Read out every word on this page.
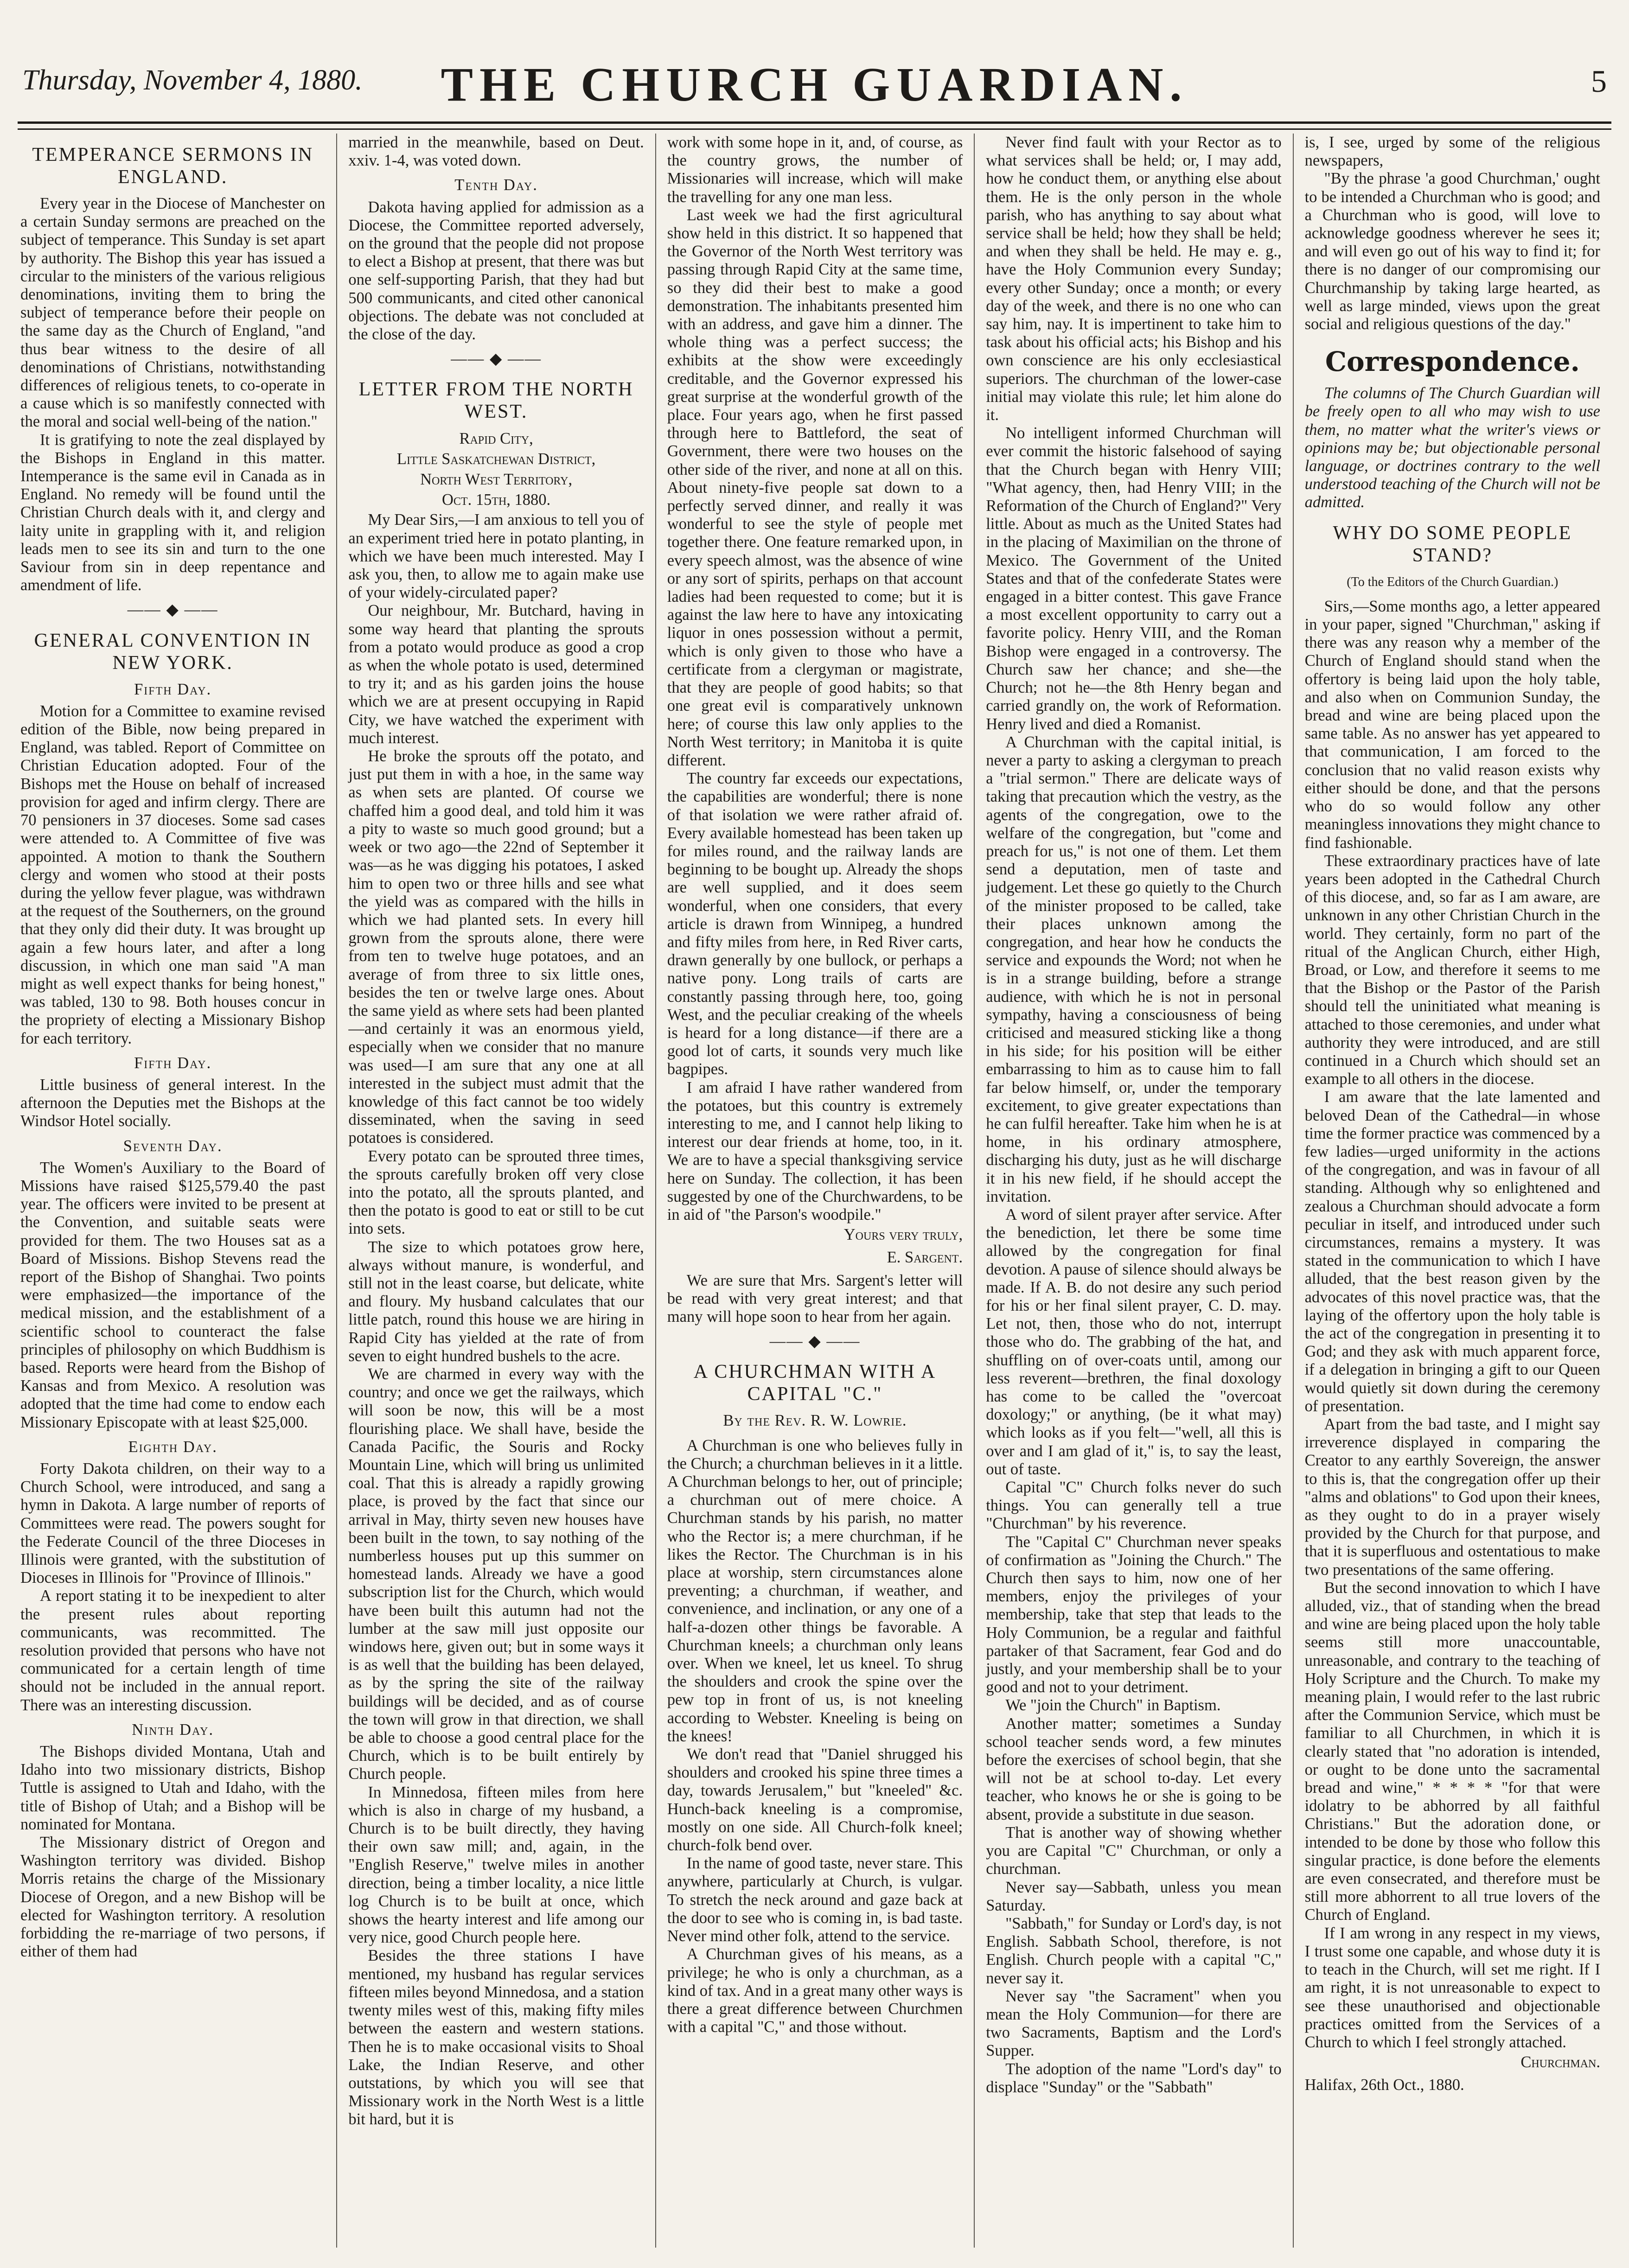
Thursday, November 4, 1880.	THE CHURCH GUARDIAN.	5
TEMPERANCE SERMONS IN ENGLAND.

Every year in the Diocese of Manchester on a certain Sunday sermons are preached on the subject of temperance. This Sunday is set apart by authority. The Bishop this year has issued a circular to the ministers of the various religious denominations, inviting them to bring the subject of temperance before their people on the same day as the Church of England, "and thus bear witness to the desire of all denominations of Christians, notwithstanding differences of religious tenets, to co-operate in a cause which is so manifestly connected with the moral and social well-being of the nation."

It is gratifying to note the zeal displayed by the Bishops in England in this matter. Intemperance is the same evil in Canada as in England. No remedy will be found until the Christian Church deals with it, and clergy and laity unite in grappling with it, and religion leads men to see its sin and turn to the one Saviour from sin in deep repentance and amendment of life.

—— ◆ ——
GENERAL CONVENTION IN NEW YORK.
Fifth Day.

Motion for a Committee to examine revised edition of the Bible, now being prepared in England, was tabled. Report of Committee on Christian Education adopted. Four of the Bishops met the House on behalf of increased provision for aged and infirm clergy. There are 70 pensioners in 37 dioceses. Some sad cases were attended to. A Committee of five was appointed. A motion to thank the Southern clergy and women who stood at their posts during the yellow fever plague, was withdrawn at the request of the Southerners, on the ground that they only did their duty. It was brought up again a few hours later, and after a long discussion, in which one man said "A man might as well expect thanks for being honest," was tabled, 130 to 98. Both houses concur in the propriety of electing a Missionary Bishop for each territory.

Fifth Day.

Little business of general interest. In the afternoon the Deputies met the Bishops at the Windsor Hotel socially.

Seventh Day.

The Women's Auxiliary to the Board of Missions have raised $125,579.40 the past year. The officers were invited to be present at the Convention, and suitable seats were provided for them. The two Houses sat as a Board of Missions. Bishop Stevens read the report of the Bishop of Shanghai. Two points were emphasized—the importance of the medical mission, and the establishment of a scientific school to counteract the false principles of philosophy on which Buddhism is based. Reports were heard from the Bishop of Kansas and from Mexico. A resolution was adopted that the time had come to endow each Missionary Episcopate with at least $25,000.

Eighth Day.

Forty Dakota children, on their way to a Church School, were introduced, and sang a hymn in Dakota. A large number of reports of Committees were read. The powers sought for the Federate Council of the three Dioceses in Illinois were granted, with the substitution of Dioceses in Illinois for "Province of Illinois."

A report stating it to be inexpedient to alter the present rules about reporting communicants, was recommitted. The resolution provided that persons who have not communicated for a certain length of time should not be included in the annual report. There was an interesting discussion.

Ninth Day.

The Bishops divided Montana, Utah and Idaho into two missionary districts, Bishop Tuttle is assigned to Utah and Idaho, with the title of Bishop of Utah; and a Bishop will be nominated for Montana.

The Missionary district of Oregon and Washington territory was divided. Bishop Morris retains the charge of the Missionary Diocese of Oregon, and a new Bishop will be elected for Washington territory. A resolution forbidding the re-marriage of two persons, if either of them had

married in the meanwhile, based on Deut. xxiv. 1-4, was voted down.

Tenth Day.

Dakota having applied for admission as a Diocese, the Committee reported adversely, on the ground that the people did not propose to elect a Bishop at present, that there was but one self-supporting Parish, that they had but 500 communicants, and cited other canonical objections. The debate was not concluded at the close of the day.

—— ◆ ——
LETTER FROM THE NORTH WEST.
Rapid City,
Little Saskatchewan District,
North West Territory,
Oct. 15th, 1880.

My Dear Sirs,—I am anxious to tell you of an experiment tried here in potato planting, in which we have been much interested. May I ask you, then, to allow me to again make use of your widely-circulated paper?

Our neighbour, Mr. Butchard, having in some way heard that planting the sprouts from a potato would produce as good a crop as when the whole potato is used, determined to try it; and as his garden joins the house which we are at present occupying in Rapid City, we have watched the experiment with much interest.

He broke the sprouts off the potato, and just put them in with a hoe, in the same way as when sets are planted. Of course we chaffed him a good deal, and told him it was a pity to waste so much good ground; but a week or two ago—the 22nd of September it was—as he was digging his potatoes, I asked him to open two or three hills and see what the yield was as compared with the hills in which we had planted sets. In every hill grown from the sprouts alone, there were from ten to twelve huge potatoes, and an average of from three to six little ones, besides the ten or twelve large ones. About the same yield as where sets had been planted—and certainly it was an enormous yield, especially when we consider that no manure was used—I am sure that any one at all interested in the subject must admit that the knowledge of this fact cannot be too widely disseminated, when the saving in seed potatoes is considered.

Every potato can be sprouted three times, the sprouts carefully broken off very close into the potato, all the sprouts planted, and then the potato is good to eat or still to be cut into sets.

The size to which potatoes grow here, always without manure, is wonderful, and still not in the least coarse, but delicate, white and floury. My husband calculates that our little patch, round this house we are hiring in Rapid City has yielded at the rate of from seven to eight hundred bushels to the acre.

We are charmed in every way with the country; and once we get the railways, which will soon be now, this will be a most flourishing place. We shall have, beside the Canada Pacific, the Souris and Rocky Mountain Line, which will bring us unlimited coal. That this is already a rapidly growing place, is proved by the fact that since our arrival in May, thirty seven new houses have been built in the town, to say nothing of the numberless houses put up this summer on homestead lands. Already we have a good subscription list for the Church, which would have been built this autumn had not the lumber at the saw mill just opposite our windows here, given out; but in some ways it is as well that the building has been delayed, as by the spring the site of the railway buildings will be decided, and as of course the town will grow in that direction, we shall be able to choose a good central place for the Church, which is to be built entirely by Church people.

In Minnedosa, fifteen miles from here which is also in charge of my husband, a Church is to be built directly, they having their own saw mill; and, again, in the "English Reserve," twelve miles in another direction, being a timber locality, a nice little log Church is to be built at once, which shows the hearty interest and life among our very nice, good Church people here.

Besides the three stations I have mentioned, my husband has regular services fifteen miles beyond Minnedosa, and a station twenty miles west of this, making fifty miles between the eastern and western stations. Then he is to make occasional visits to Shoal Lake, the Indian Reserve, and other outstations, by which you will see that Missionary work in the North West is a little bit hard, but it is

work with some hope in it, and, of course, as the country grows, the number of Missionaries will increase, which will make the travelling for any one man less.

Last week we had the first agricultural show held in this district. It so happened that the Governor of the North West territory was passing through Rapid City at the same time, so they did their best to make a good demonstration. The inhabitants presented him with an address, and gave him a dinner. The whole thing was a perfect success; the exhibits at the show were exceedingly creditable, and the Governor expressed his great surprise at the wonderful growth of the place. Four years ago, when he first passed through here to Battleford, the seat of Government, there were two houses on the other side of the river, and none at all on this. About ninety-five people sat down to a perfectly served dinner, and really it was wonderful to see the style of people met together there. One feature remarked upon, in every speech almost, was the absence of wine or any sort of spirits, perhaps on that account ladies had been requested to come; but it is against the law here to have any intoxicating liquor in ones possession without a permit, which is only given to those who have a certificate from a clergyman or magistrate, that they are people of good habits; so that one great evil is comparatively unknown here; of course this law only applies to the North West territory; in Manitoba it is quite different.

The country far exceeds our expectations, the capabilities are wonderful; there is none of that isolation we were rather afraid of. Every available homestead has been taken up for miles round, and the railway lands are beginning to be bought up. Already the shops are well supplied, and it does seem wonderful, when one considers, that every article is drawn from Winnipeg, a hundred and fifty miles from here, in Red River carts, drawn generally by one bullock, or perhaps a native pony. Long trails of carts are constantly passing through here, too, going West, and the peculiar creaking of the wheels is heard for a long distance—if there are a good lot of carts, it sounds very much like bagpipes.

I am afraid I have rather wandered from the potatoes, but this country is extremely interesting to me, and I cannot help liking to interest our dear friends at home, too, in it. We are to have a special thanksgiving service here on Sunday. The collection, it has been suggested by one of the Churchwardens, to be in aid of "the Parson's woodpile."

Yours very truly,
E. Sargent.

We are sure that Mrs. Sargent's letter will be read with very great interest; and that many will hope soon to hear from her again.

—— ◆ ——
A CHURCHMAN WITH A CAPITAL "C."
By the Rev. R. W. Lowrie.

A Churchman is one who believes fully in the Church; a churchman believes in it a little. A Churchman belongs to her, out of principle; a churchman out of mere choice. A Churchman stands by his parish, no matter who the Rector is; a mere churchman, if he likes the Rector. The Churchman is in his place at worship, stern circumstances alone preventing; a churchman, if weather, and convenience, and inclination, or any one of a half-a-dozen other things be favorable. A Churchman kneels; a churchman only leans over. When we kneel, let us kneel. To shrug the shoulders and crook the spine over the pew top in front of us, is not kneeling according to Webster. Kneeling is being on the knees!

We don't read that "Daniel shrugged his shoulders and crooked his spine three times a day, towards Jerusalem," but "kneeled" &c. Hunch-back kneeling is a compromise, mostly on one side. All Church-folk kneel; church-folk bend over.

In the name of good taste, never stare. This anywhere, particularly at Church, is vulgar. To stretch the neck around and gaze back at the door to see who is coming in, is bad taste. Never mind other folk, attend to the service.

A Churchman gives of his means, as a privilege; he who is only a churchman, as a kind of tax. And in a great many other ways is there a great difference between Churchmen with a capital "C," and those without.

Never find fault with your Rector as to what services shall be held; or, I may add, how he conduct them, or anything else about them. He is the only person in the whole parish, who has anything to say about what service shall be held; how they shall be held; and when they shall be held. He may e. g., have the Holy Communion every Sunday; every other Sunday; once a month; or every day of the week, and there is no one who can say him, nay. It is impertinent to take him to task about his official acts; his Bishop and his own conscience are his only ecclesiastical superiors. The churchman of the lower-case initial may violate this rule; let him alone do it.

No intelligent informed Churchman will ever commit the historic falsehood of saying that the Church began with Henry VIII; "What agency, then, had Henry VIII; in the Reformation of the Church of England?" Very little. About as much as the United States had in the placing of Maximilian on the throne of Mexico. The Government of the United States and that of the confederate States were engaged in a bitter contest. This gave France a most excellent opportunity to carry out a favorite policy. Henry VIII, and the Roman Bishop were engaged in a controversy. The Church saw her chance; and she—the Church; not he—the 8th Henry began and carried grandly on, the work of Reformation. Henry lived and died a Romanist.

A Churchman with the capital initial, is never a party to asking a clergyman to preach a "trial sermon." There are delicate ways of taking that precaution which the vestry, as the agents of the congregation, owe to the welfare of the congregation, but "come and preach for us," is not one of them. Let them send a deputation, men of taste and judgement. Let these go quietly to the Church of the minister proposed to be called, take their places unknown among the congregation, and hear how he conducts the service and expounds the Word; not when he is in a strange building, before a strange audience, with which he is not in personal sympathy, having a consciousness of being criticised and measured sticking like a thong in his side; for his position will be either embarrassing to him as to cause him to fall far below himself, or, under the temporary excitement, to give greater expectations than he can fulfil hereafter. Take him when he is at home, in his ordinary atmosphere, discharging his duty, just as he will discharge it in his new field, if he should accept the invitation.

A word of silent prayer after service. After the benediction, let there be some time allowed by the congregation for final devotion. A pause of silence should always be made. If A. B. do not desire any such period for his or her final silent prayer, C. D. may. Let not, then, those who do not, interrupt those who do. The grabbing of the hat, and shuffling on of over-coats until, among our less reverent—brethren, the final doxology has come to be called the "overcoat doxology;" or anything, (be it what may) which looks as if you felt—"well, all this is over and I am glad of it," is, to say the least, out of taste.

Capital "C" Church folks never do such things. You can generally tell a true "Churchman" by his reverence.

The "Capital C" Churchman never speaks of confirmation as "Joining the Church." The Church then says to him, now one of her members, enjoy the privileges of your membership, take that step that leads to the Holy Communion, be a regular and faithful partaker of that Sacrament, fear God and do justly, and your membership shall be to your good and not to your detriment.

We "join the Church" in Baptism.

Another matter; sometimes a Sunday school teacher sends word, a few minutes before the exercises of school begin, that she will not be at school to-day. Let every teacher, who knows he or she is going to be absent, provide a substitute in due season.

That is another way of showing whether you are Capital "C" Churchman, or only a churchman.

Never say—Sabbath, unless you mean Saturday.

"Sabbath," for Sunday or Lord's day, is not English. Sabbath School, therefore, is not English. Church people with a capital "C," never say it.

Never say "the Sacrament" when you mean the Holy Communion—for there are two Sacraments, Baptism and the Lord's Supper.

The adoption of the name "Lord's day" to displace "Sunday" or the "Sabbath"

is, I see, urged by some of the religious newspapers,

"By the phrase 'a good Churchman,' ought to be intended a Churchman who is good; and a Churchman who is good, will love to acknowledge goodness wherever he sees it; and will even go out of his way to find it; for there is no danger of our compromising our Churchmanship by taking large hearted, as well as large minded, views upon the great social and religious questions of the day."

Correspondence.

The columns of The Church Guardian will be freely open to all who may wish to use them, no matter what the writer's views or opinions may be; but objectionable personal language, or doctrines contrary to the well understood teaching of the Church will not be admitted.

WHY DO SOME PEOPLE STAND?
(To the Editors of the Church Guardian.)

Sirs,—Some months ago, a letter appeared in your paper, signed "Churchman," asking if there was any reason why a member of the Church of England should stand when the offertory is being laid upon the holy table, and also when on Communion Sunday, the bread and wine are being placed upon the same table. As no answer has yet appeared to that communication, I am forced to the conclusion that no valid reason exists why either should be done, and that the persons who do so would follow any other meaningless innovations they might chance to find fashionable.

These extraordinary practices have of late years been adopted in the Cathedral Church of this diocese, and, so far as I am aware, are unknown in any other Christian Church in the world. They certainly, form no part of the ritual of the Anglican Church, either High, Broad, or Low, and therefore it seems to me that the Bishop or the Pastor of the Parish should tell the uninitiated what meaning is attached to those ceremonies, and under what authority they were introduced, and are still continued in a Church which should set an example to all others in the diocese.

I am aware that the late lamented and beloved Dean of the Cathedral—in whose time the former practice was commenced by a few ladies—urged uniformity in the actions of the congregation, and was in favour of all standing. Although why so enlightened and zealous a Churchman should advocate a form peculiar in itself, and introduced under such circumstances, remains a mystery. It was stated in the communication to which I have alluded, that the best reason given by the advocates of this novel practice was, that the laying of the offertory upon the holy table is the act of the congregation in presenting it to God; and they ask with much apparent force, if a delegation in bringing a gift to our Queen would quietly sit down during the ceremony of presentation.

Apart from the bad taste, and I might say irreverence displayed in comparing the Creator to any earthly Sovereign, the answer to this is, that the congregation offer up their "alms and oblations" to God upon their knees, as they ought to do in a prayer wisely provided by the Church for that purpose, and that it is superfluous and ostentatious to make two presentations of the same offering.

But the second innovation to which I have alluded, viz., that of standing when the bread and wine are being placed upon the holy table seems still more unaccountable, unreasonable, and contrary to the teaching of Holy Scripture and the Church. To make my meaning plain, I would refer to the last rubric after the Communion Service, which must be familiar to all Churchmen, in which it is clearly stated that "no adoration is intended, or ought to be done unto the sacramental bread and wine," * * * * "for that were idolatry to be abhorred by all faithful Christians." But the adoration done, or intended to be done by those who follow this singular practice, is done before the elements are even consecrated, and therefore must be still more abhorrent to all true lovers of the Church of England.

If I am wrong in any respect in my views, I trust some one capable, and whose duty it is to teach in the Church, will set me right. If I am right, it is not unreasonable to expect to see these unauthorised and objectionable practices omitted from the Services of a Church to which I feel strongly attached.

Churchman.

Halifax, 26th Oct., 1880.
